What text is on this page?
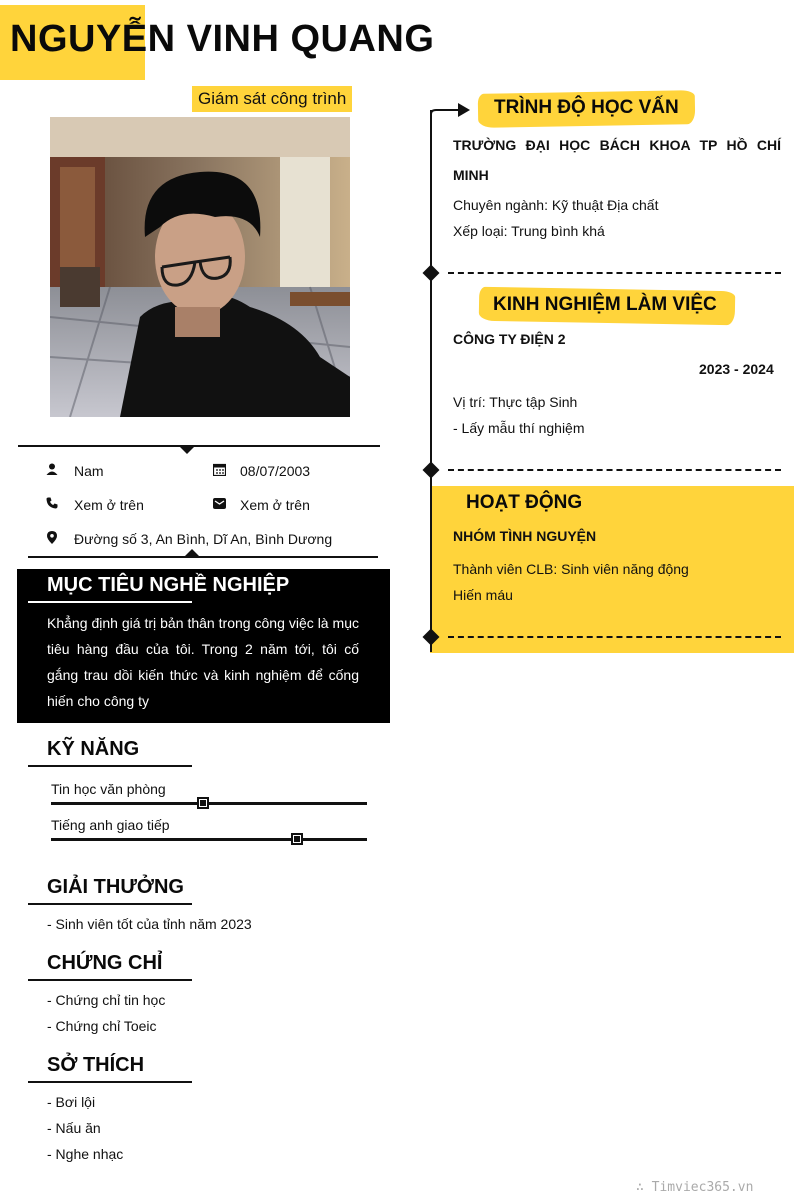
NGUYỄN VINH QUANG
Giám sát công trình
Nam	08/07/2003
Xem ở trên	Xem ở trên
Đường số 3, An Bình, Dĩ An, Bình Dương
MỤC TIÊU NGHỀ NGHIỆP
Khẳng định giá trị bản thân trong công việc là mục tiêu hàng đầu của tôi. Trong 2 năm tới, tôi cố gắng trau dồi kiến thức và kinh nghiệm để cống hiến cho công ty
KỸ NĂNG
Tin học văn phòng
Tiếng anh giao tiếp
GIẢI THƯỞNG
- Sinh viên tốt của tỉnh năm 2023
CHỨNG CHỈ
- Chứng chỉ tin học
- Chứng chỉ Toeic
SỞ THÍCH
- Bơi lội
- Nấu ăn
- Nghe nhạc
TRÌNH ĐỘ HỌC VẤN
TRƯỜNG ĐẠI HỌC BÁCH KHOA TP HỒ CHÍ MINH
Chuyên ngành: Kỹ thuật Địa chất
Xếp loại: Trung bình khá
KINH NGHIỆM LÀM VIỆC
CÔNG TY ĐIỆN 2
2023 - 2024
Vị trí: Thực tập Sinh
- Lấy mẫu thí nghiệm
HOẠT ĐỘNG
NHÓM TÌNH NGUYỆN
Thành viên CLB: Sinh viên năng động
Hiến máu
∴ Timviec365.vn
